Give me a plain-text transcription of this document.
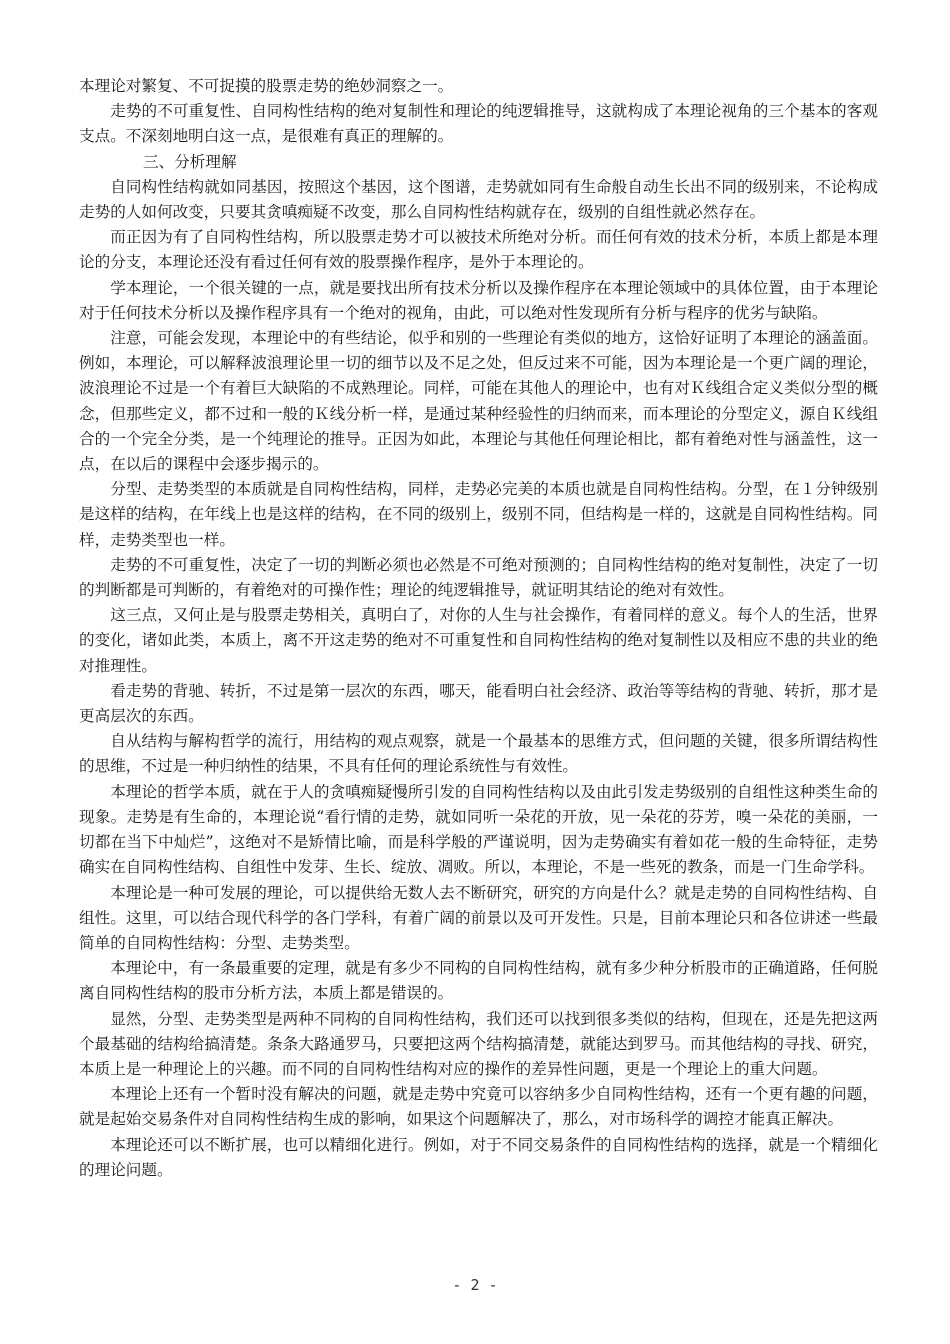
本理论对繁复、不可捉摸的股票走势的绝妙洞察之一。

走势的不可重复性、自同构性结构的绝对复制性和理论的纯逻辑推导，这就构成了本理论视角的三个基本的客观支点。不深刻地明白这一点，是很难有真正的理解的。

三、分析理解

自同构性结构就如同基因，按照这个基因，这个图谱，走势就如同有生命般自动生长出不同的级别来，不论构成走势的人如何改变，只要其贪嗔痴疑不改变，那么自同构性结构就存在，级别的自组性就必然存在。

而正因为有了自同构性结构，所以股票走势才可以被技术所绝对分析。而任何有效的技术分析，本质上都是本理论的分支，本理论还没有看过任何有效的股票操作程序，是外于本理论的。

学本理论，一个很关键的一点，就是要找出所有技术分析以及操作程序在本理论领域中的具体位置，由于本理论对于任何技术分析以及操作程序具有一个绝对的视角，由此，可以绝对性发现所有分析与程序的优劣与缺陷。

注意，可能会发现，本理论中的有些结论，似乎和别的一些理论有类似的地方，这恰好证明了本理论的涵盖面。例如，本理论，可以解释波浪理论里一切的细节以及不足之处，但反过来不可能，因为本理论是一个更广阔的理论，波浪理论不过是一个有着巨大缺陷的不成熟理论。同样，可能在其他人的理论中，也有对Ｋ线组合定义类似分型的概念，但那些定义，都不过和一般的Ｋ线分析一样，是通过某种经验性的归纳而来，而本理论的分型定义，源自Ｋ线组合的一个完全分类，是一个纯理论的推导。正因为如此，本理论与其他任何理论相比，都有着绝对性与涵盖性，这一点，在以后的课程中会逐步揭示的。

分型、走势类型的本质就是自同构性结构，同样，走势必完美的本质也就是自同构性结构。分型，在１分钟级别是这样的结构，在年线上也是这样的结构，在不同的级别上，级别不同，但结构是一样的，这就是自同构性结构。同样，走势类型也一样。

走势的不可重复性，决定了一切的判断必须也必然是不可绝对预测的；自同构性结构的绝对复制性，决定了一切的判断都是可判断的，有着绝对的可操作性；理论的纯逻辑推导，就证明其结论的绝对有效性。

这三点，又何止是与股票走势相关，真明白了，对你的人生与社会操作，有着同样的意义。每个人的生活，世界的变化，诸如此类，本质上，离不开这走势的绝对不可重复性和自同构性结构的绝对复制性以及相应不患的共业的绝对推理性。

看走势的背驰、转折，不过是第一层次的东西，哪天，能看明白社会经济、政治等等结构的背驰、转折，那才是更高层次的东西。

自从结构与解构哲学的流行，用结构的观点观察，就是一个最基本的思维方式，但问题的关键，很多所谓结构性的思维，不过是一种归纳性的结果，不具有任何的理论系统性与有效性。

本理论的哲学本质，就在于人的贪嗔痴疑慢所引发的自同构性结构以及由此引发走势级别的自组性这种类生命的现象。走势是有生命的，本理论说“看行情的走势，就如同听一朵花的开放，见一朵花的芬芳，嗅一朵花的美丽，一切都在当下中灿烂”，这绝对不是矫情比喻，而是科学般的严谨说明，因为走势确实有着如花一般的生命特征，走势确实在自同构性结构、自组性中发芽、生长、绽放、凋败。所以，本理论，不是一些死的教条，而是一门生命学科。

本理论是一种可发展的理论，可以提供给无数人去不断研究，研究的方向是什么？就是走势的自同构性结构、自组性。这里，可以结合现代科学的各门学科，有着广阔的前景以及可开发性。只是，目前本理论只和各位讲述一些最简单的自同构性结构：分型、走势类型。

本理论中，有一条最重要的定理，就是有多少不同构的自同构性结构，就有多少种分析股市的正确道路，任何脱离自同构性结构的股市分析方法，本质上都是错误的。

显然，分型、走势类型是两种不同构的自同构性结构，我们还可以找到很多类似的结构，但现在，还是先把这两个最基础的结构给搞清楚。条条大路通罗马，只要把这两个结构搞清楚，就能达到罗马。而其他结构的寻找、研究，本质上是一种理论上的兴趣。而不同的自同构性结构对应的操作的差异性问题，更是一个理论上的重大问题。

本理论上还有一个暂时没有解决的问题，就是走势中究竟可以容纳多少自同构性结构，还有一个更有趣的问题，就是起始交易条件对自同构性结构生成的影响，如果这个问题解决了，那么，对市场科学的调控才能真正解决。

本理论还可以不断扩展，也可以精细化进行。例如，对于不同交易条件的自同构性结构的选择，就是一个精细化的理论问题。

- 2 -
